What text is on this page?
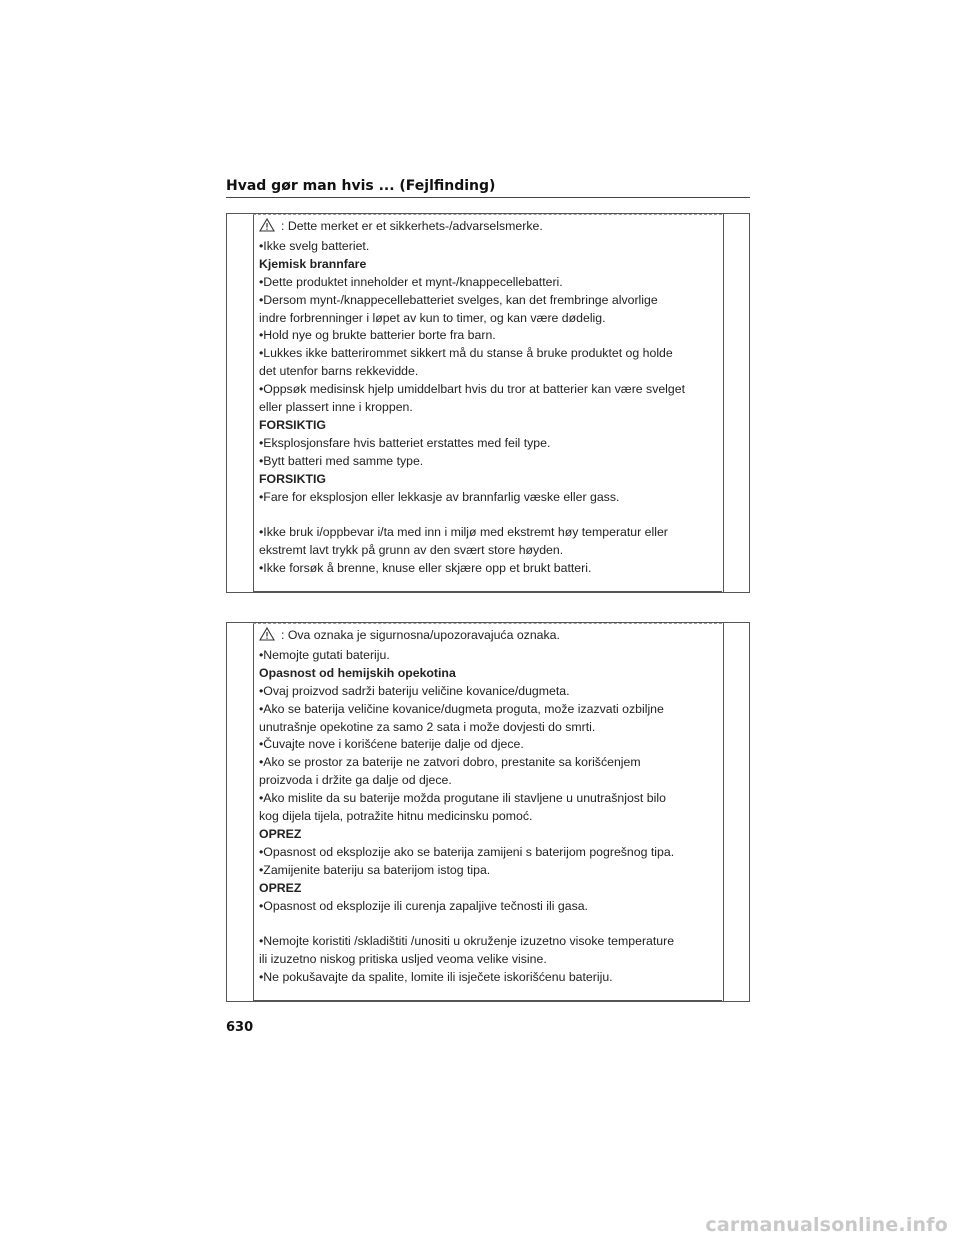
Hvad gør man hvis ... (Fejlfinding)
: Dette merket er et sikkerhets-/advarselsmerke.
•Ikke svelg batteriet.
Kjemisk brannfare
•Dette produktet inneholder et mynt-/knappecellebatteri.
•Dersom mynt-/knappecellebatteriet svelges, kan det frembringe alvorlige
indre forbrenninger i løpet av kun to timer, og kan være dødelig.
•Hold nye og brukte batterier borte fra barn.
•Lukkes ikke batterirommet sikkert må du stanse å bruke produktet og holde
det utenfor barns rekkevidde.
•Oppsøk medisinsk hjelp umiddelbart hvis du tror at batterier kan være svelget
eller plassert inne i kroppen.
FORSIKTIG
•Eksplosjonsfare hvis batteriet erstattes med feil type.
•Bytt batteri med samme type.
FORSIKTIG
•Fare for eksplosjon eller lekkasje av brannfarlig væske eller gass.
•Ikke bruk i/oppbevar i/ta med inn i miljø med ekstremt høy temperatur eller
ekstremt lavt trykk på grunn av den svært store høyden.
•Ikke forsøk å brenne, knuse eller skjære opp et brukt batteri.
: Ova oznaka je sigurnosna/upozoravajuća oznaka.
•Nemojte gutati bateriju.
Opasnost od hemijskih opekotina
•Ovaj proizvod sadrži bateriju veličine kovanice/dugmeta.
•Ako se baterija veličine kovanice/dugmeta proguta, može izazvati ozbiljne
unutrašnje opekotine za samo 2 sata i može dovjesti do smrti.
•Čuvajte nove i korišćene baterije dalje od djece.
•Ako se prostor za baterije ne zatvori dobro, prestanite sa korišćenjem
proizvoda i držite ga dalje od djece.
•Ako mislite da su baterije možda progutane ili stavljene u unutrašnjost bilo
kog dijela tijela, potražite hitnu medicinsku pomoć.
OPREZ
•Opasnost od eksplozije ako se baterija zamijeni s baterijom pogrešnog tipa.
•Zamijenite bateriju sa baterijom istog tipa.
OPREZ
•Opasnost od eksplozije ili curenja zapaljive tečnosti ili gasa.
•Nemojte koristiti /skladištiti /unositi u okruženje izuzetno visoke temperature
ili izuzetno niskog pritiska usljed veoma velike visine.
•Ne pokušavajte da spalite, lomite ili isječete iskorišćenu bateriju.
630
carmanualsonline.info
